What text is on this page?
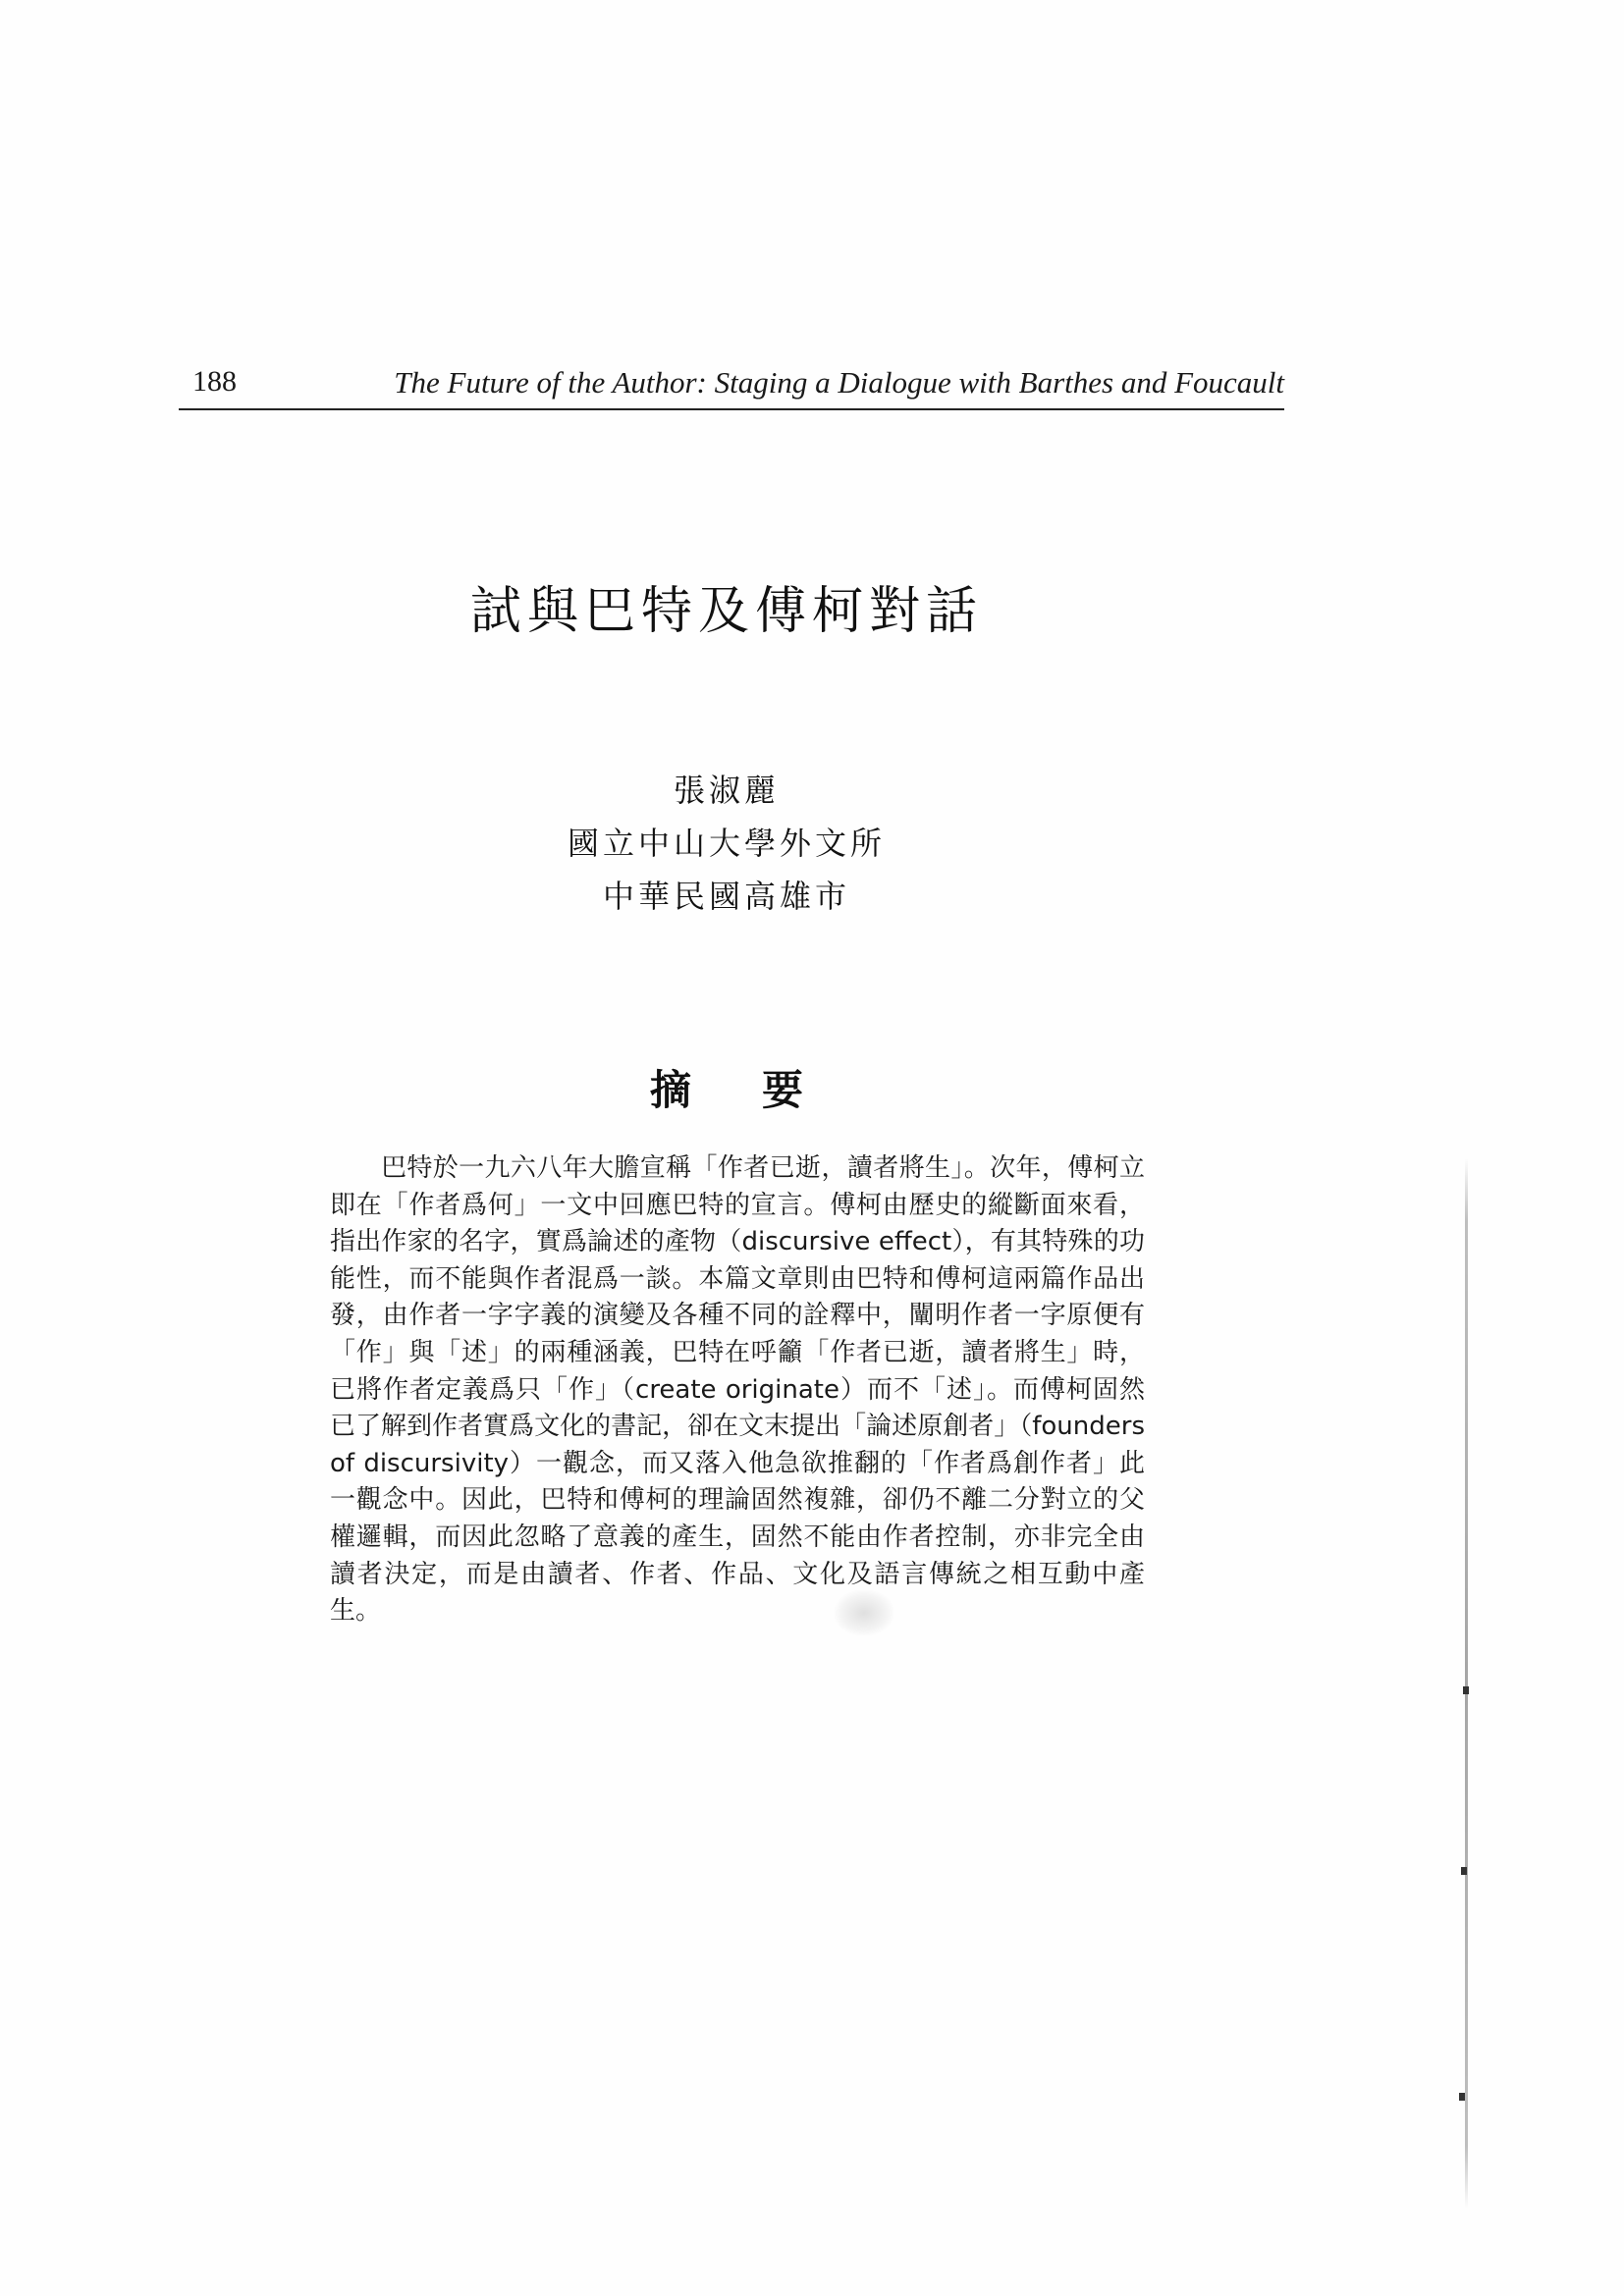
188	The Future of the Author: Staging a Dialogue with Barthes and Foucault
試與巴特及傅柯對話
張淑麗
國立中山大學外文所
中華民國高雄市
摘要

巴特於一九六八年大膽宣稱「作者已逝，讀者將生」。次年，傅柯立即在「作者爲何」一文中回應巴特的宣言。傅柯由歷史的縱斷面來看，指出作家的名字，實爲論述的產物（discursive effect），有其特殊的功能性，而不能與作者混爲一談。本篇文章則由巴特和傅柯這兩篇作品出發，由作者一字字義的演變及各種不同的詮釋中，闡明作者一字原便有「作」與「述」的兩種涵義，巴特在呼籲「作者已逝，讀者將生」時，已將作者定義爲只「作」（create originate）而不「述」。而傅柯固然已了解到作者實爲文化的書記，卻在文末提出「論述原創者」（founders of discursivity）一觀念，而又落入他急欲推翻的「作者爲創作者」此一觀念中。因此，巴特和傅柯的理論固然複雜，卻仍不離二分對立的父權邏輯，而因此忽略了意義的產生，固然不能由作者控制，亦非完全由讀者決定，而是由讀者、作者、作品、文化及語言傳統之相互動中產生。
